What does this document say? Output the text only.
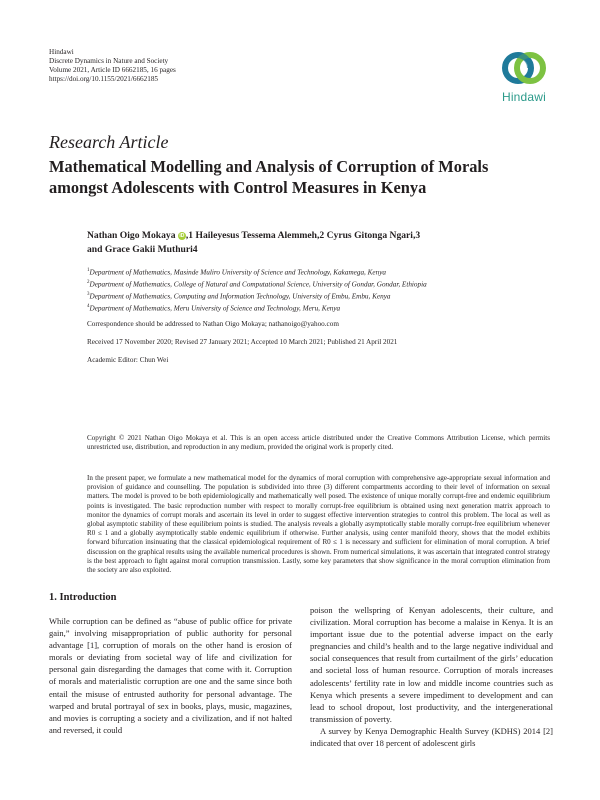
Hindawi
Discrete Dynamics in Nature and Society
Volume 2021, Article ID 6662185, 16 pages
https://doi.org/10.1155/2021/6662185
Hindawi
Research Article
Mathematical Modelling and Analysis of Corruption of Morals amongst Adolescents with Control Measures in Kenya
Nathan Oigo Mokaya iD ,1 Haileyesus Tessema Alemmeh,2 Cyrus Gitonga Ngari,3
and Grace Gakii Muthuri4
$^1$Department of Mathematics, Masinde Muliro University of Science and Technology, Kakamega, Kenya
$^2$Department of Mathematics, College of Natural and Computational Science, University of Gondar, Gondar, Ethiopia
$^3$Department of Mathematics, Computing and Information Technology, University of Embu, Embu, Kenya
$^4$Department of Mathematics, Meru University of Science and Technology, Meru, Kenya
Correspondence should be addressed to Nathan Oigo Mokaya; nathanoigo@yahoo.com
Received 17 November 2020; Revised 27 January 2021; Accepted 10 March 2021; Published 21 April 2021
Academic Editor: Chun Wei
Copyright © 2021 Nathan Oigo Mokaya et al. This is an open access article distributed under the Creative Commons Attribution License, which permits unrestricted use, distribution, and reproduction in any medium, provided the original work is properly cited.
In the present paper, we formulate a new mathematical model for the dynamics of moral corruption with comprehensive age-appropriate sexual information and provision of guidance and counselling. The population is subdivided into three (3) different compartments according to their level of information on sexual matters. The model is proved to be both epidemiologically and mathematically well posed. The existence of unique morally corrupt-free and endemic equilibrium points is investigated. The basic reproduction number with respect to morally corrupt-free equilibrium is obtained using next generation matrix approach to monitor the dynamics of corrupt morals and ascertain its level in order to suggest effective intervention strategies to control this problem. The local as well as global asymptotic stability of these equilibrium points is studied. The analysis reveals a globally asymptotically stable morally corrupt-free equilibrium whenever R0 ≤ 1 and a globally asymptotically stable endemic equilibrium if otherwise. Further analysis, using center manifold theory, shows that the model exhibits forward bifurcation insinuating that the classical epidemiological requirement of R0 ≤ 1 is necessary and sufficient for elimination of moral corruption. A brief discussion on the graphical results using the available numerical procedures is shown. From numerical simulations, it was ascertain that integrated control strategy is the best approach to fight against moral corruption transmission. Lastly, some key parameters that show significance in the moral corruption elimination from the society are also exploited.
1. Introduction

While corruption can be defined as “abuse of public office for private gain,” involving misappropriation of public authority for personal advantage [1], corruption of morals on the other hand is erosion of morals or deviating from societal way of life and civilization for personal gain disregarding the damages that come with it. Corruption of morals and materialistic corruption are one and the same since both entail the misuse of entrusted authority for personal advantage. The warped and brutal portrayal of sex in books, plays, music, magazines, and movies is corrupting a society and a civilization, and if not halted and reversed, it could

poison the wellspring of Kenyan adolescents, their culture, and civilization. Moral corruption has become a malaise in Kenya. It is an important issue due to the potential adverse impact on the early pregnancies and child’s health and to the large negative individual and social consequences that result from curtailment of the girls’ education and societal loss of human resource. Corruption of morals increases adolescents’ fertility rate in low and middle income countries such as Kenya which presents a severe impediment to development and can lead to school dropout, lost productivity, and the intergenerational transmission of poverty.

A survey by Kenya Demographic Health Survey (KDHS) 2014 [2] indicated that over 18 percent of adolescent girls
